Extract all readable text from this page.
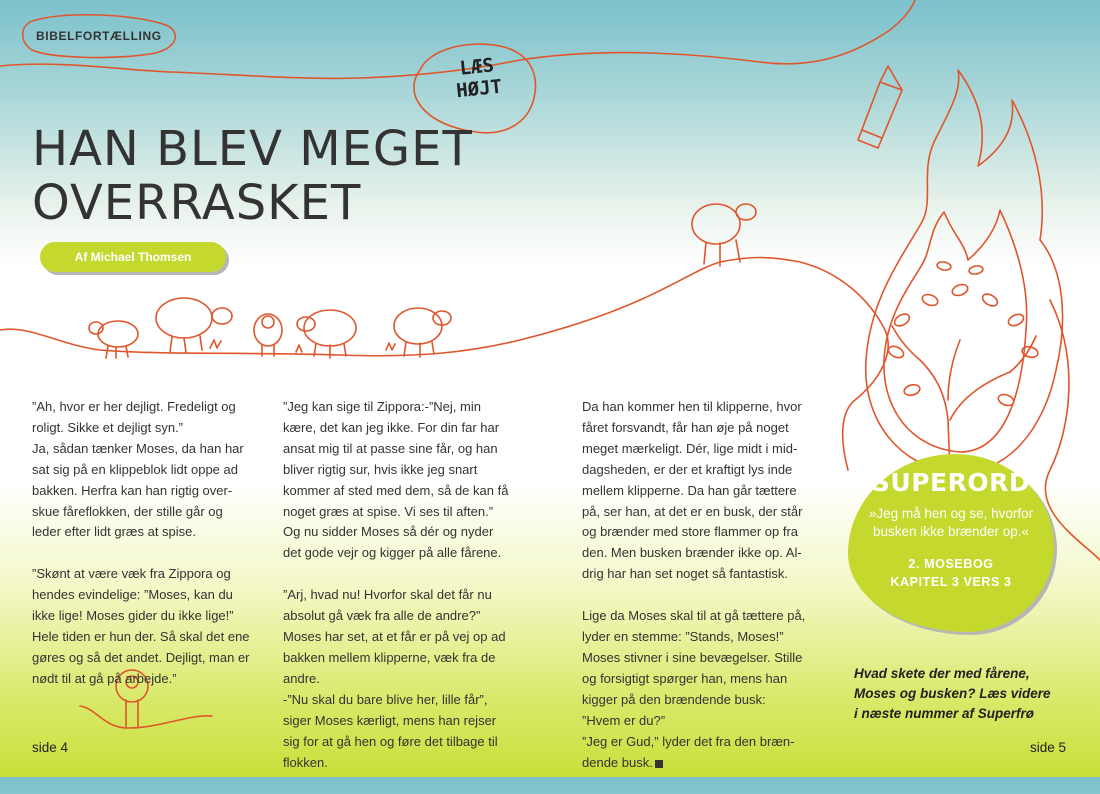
BIBELFORTÆLLING
LÆS
HØJT
HAN BLEV MEGET
OVERRASKET
Af Michael Thomsen

”Ah, hvor er her dejligt. Fredeligt og
roligt. Sikke et dejligt syn.”
Ja, sådan tænker Moses, da han har
sat sig på en klippeblok lidt oppe ad
bakken. Herfra kan han rigtig over-
skue fåreflokken, der stille går og
leder efter lidt græs at spise.

”Skønt at være væk fra Zippora og
hendes evindelige: ”Moses, kan du
ikke lige! Moses gider du ikke lige!”
Hele tiden er hun der. Så skal det ene
gøres og så det andet. Dejligt, man er
nødt til at gå på arbejde.”

”Jeg kan sige til Zippora:-”Nej, min
kære, det kan jeg ikke. For din far har
ansat mig til at passe sine får, og han
bliver rigtig sur, hvis ikke jeg snart
kommer af sted med dem, så de kan få
noget græs at spise. Vi ses til aften.”
Og nu sidder Moses så dér og nyder
det gode vejr og kigger på alle fårene.

”Arj, hvad nu! Hvorfor skal det får nu
absolut gå væk fra alle de andre?”
Moses har set, at et får er på vej op ad
bakken mellem klipperne, væk fra de
andre.
-”Nu skal du bare blive her, lille får”,
siger Moses kærligt, mens han rejser
sig for at gå hen og føre det tilbage til
flokken.

Da han kommer hen til klipperne, hvor
fåret forsvandt, får han øje på noget
meget mærkeligt. Dér, lige midt i mid-
dagsheden, er der et kraftigt lys inde
mellem klipperne. Da han går tættere
på, ser han, at det er en busk, der står
og brænder med store flammer op fra
den. Men busken brænder ikke op. Al-
drig har han set noget så fantastisk.

Lige da Moses skal til at gå tættere på,
lyder en stemme: ”Stands, Moses!”
Moses stivner i sine bevægelser. Stille
og forsigtigt spørger han, mens han
kigger på den brændende busk:
”Hvem er du?”
”Jeg er Gud,” lyder det fra den bræn-
dende busk.

SUPERORD
»Jeg må hen og se, hvorfor busken ikke brænder op.«
2. MOSEBOG
KAPITEL 3 VERS 3
Hvad skete der med fårene,
Moses og busken? Læs videre
i næste nummer af Superfrø
side 4	side 5
